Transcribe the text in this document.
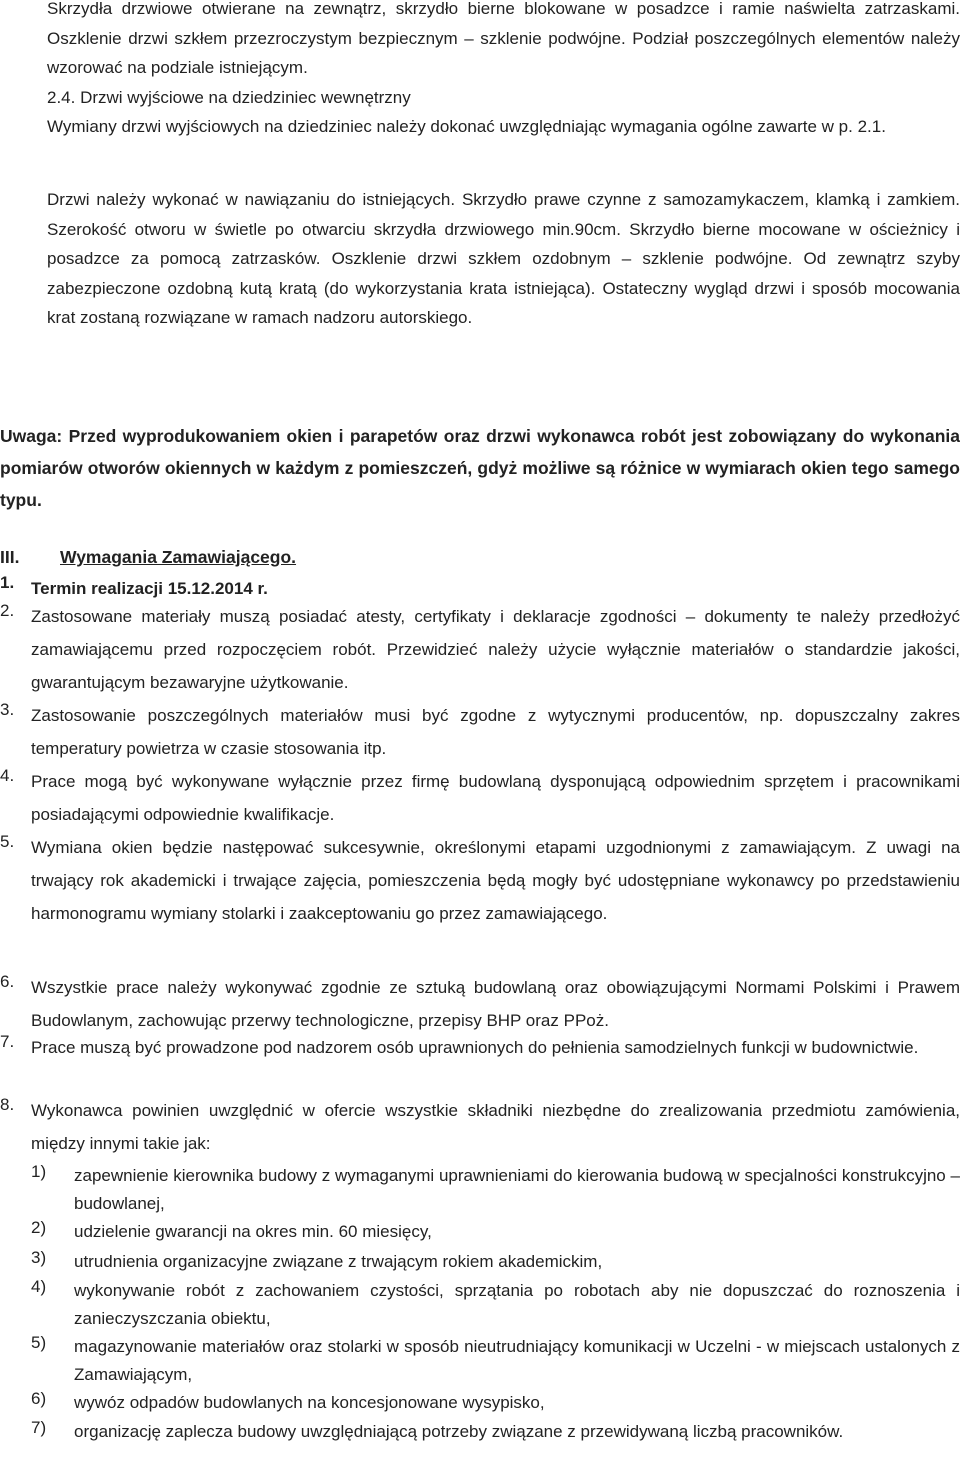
Skrzydła drzwiowe otwierane na zewnątrz, skrzydło bierne blokowane w posadzce i ramie naświelta zatrzaskami. Oszklenie drzwi szkłem przezroczystym bezpiecznym – szklenie podwójne. Podział poszczególnych elementów należy wzorować na podziale istniejącym.

2.4. Drzwi wyjściowe na dziedziniec wewnętrzny

Wymiany drzwi wyjściowych na dziedziniec należy dokonać uwzględniając wymagania ogólne zawarte w p. 2.1.

Drzwi należy wykonać w nawiązaniu do istniejących. Skrzydło prawe czynne z samozamykaczem, klamką i zamkiem. Szerokość otworu w świetle po otwarciu skrzydła drzwiowego min.90cm. Skrzydło bierne mocowane w ościeżnicy i posadzce za pomocą zatrzasków. Oszklenie drzwi szkłem ozdobnym – szklenie podwójne. Od zewnątrz szyby zabezpieczone ozdobną kutą kratą (do wykorzystania krata istniejąca). Ostateczny wygląd drzwi i sposób mocowania krat zostaną rozwiązane w ramach nadzoru autorskiego.

Uwaga: Przed wyprodukowaniem okien i parapetów oraz drzwi wykonawca robót jest zobowiązany do wykonania pomiarów otworów okiennych w każdym z pomieszczeń, gdyż możliwe są różnice w wymiarach okien tego samego typu.

III. Wymagania Zamawiającego.
1. Termin realizacji 15.12.2014 r.
2. Zastosowane materiały muszą posiadać atesty, certyfikaty i deklaracje zgodności – dokumenty te należy przedłożyć zamawiającemu przed rozpoczęciem robót. Przewidzieć należy użycie wyłącznie materiałów o standardzie jakości, gwarantującym bezawaryjne użytkowanie.
3. Zastosowanie poszczególnych materiałów musi być zgodne z wytycznymi producentów, np. dopuszczalny zakres temperatury powietrza w czasie stosowania itp.
4. Prace mogą być wykonywane wyłącznie przez firmę budowlaną dysponującą odpowiednim sprzętem i pracownikami posiadającymi odpowiednie kwalifikacje.
5. Wymiana okien będzie następować sukcesywnie, określonymi etapami uzgodnionymi z zamawiającym. Z uwagi na trwający rok akademicki i trwające zajęcia, pomieszczenia będą mogły być udostępniane wykonawcy po przedstawieniu harmonogramu wymiany stolarki i zaakceptowaniu go przez zamawiającego.
6. Wszystkie prace należy wykonywać zgodnie ze sztuką budowlaną oraz obowiązującymi Normami Polskimi i Prawem Budowlanym, zachowując przerwy technologiczne, przepisy BHP oraz PPoż.
7. Prace muszą być prowadzone pod nadzorem osób uprawnionych do pełnienia samodzielnych funkcji w budownictwie.
8. Wykonawca powinien uwzględnić w ofercie wszystkie składniki niezbędne do zrealizowania przedmiotu zamówienia, między innymi takie jak:
1) zapewnienie kierownika budowy z wymaganymi uprawnieniami do kierowania budową w specjalności konstrukcyjno – budowlanej,
2) udzielenie gwarancji na okres min. 60 miesięcy,
3) utrudnienia organizacyjne związane z trwającym rokiem akademickim,
4) wykonywanie robót z zachowaniem czystości, sprzątania po robotach aby nie dopuszczać do roznoszenia i zanieczyszczania obiektu,
5) magazynowanie materiałów oraz stolarki w sposób nieutrudniający komunikacji w Uczelni - w miejscach ustalonych z Zamawiającym,
6) wywóz odpadów budowlanych na koncesjonowane wysypisko,
7) organizację zaplecza budowy uwzględniającą potrzeby związane z przewidywaną liczbą pracowników.
